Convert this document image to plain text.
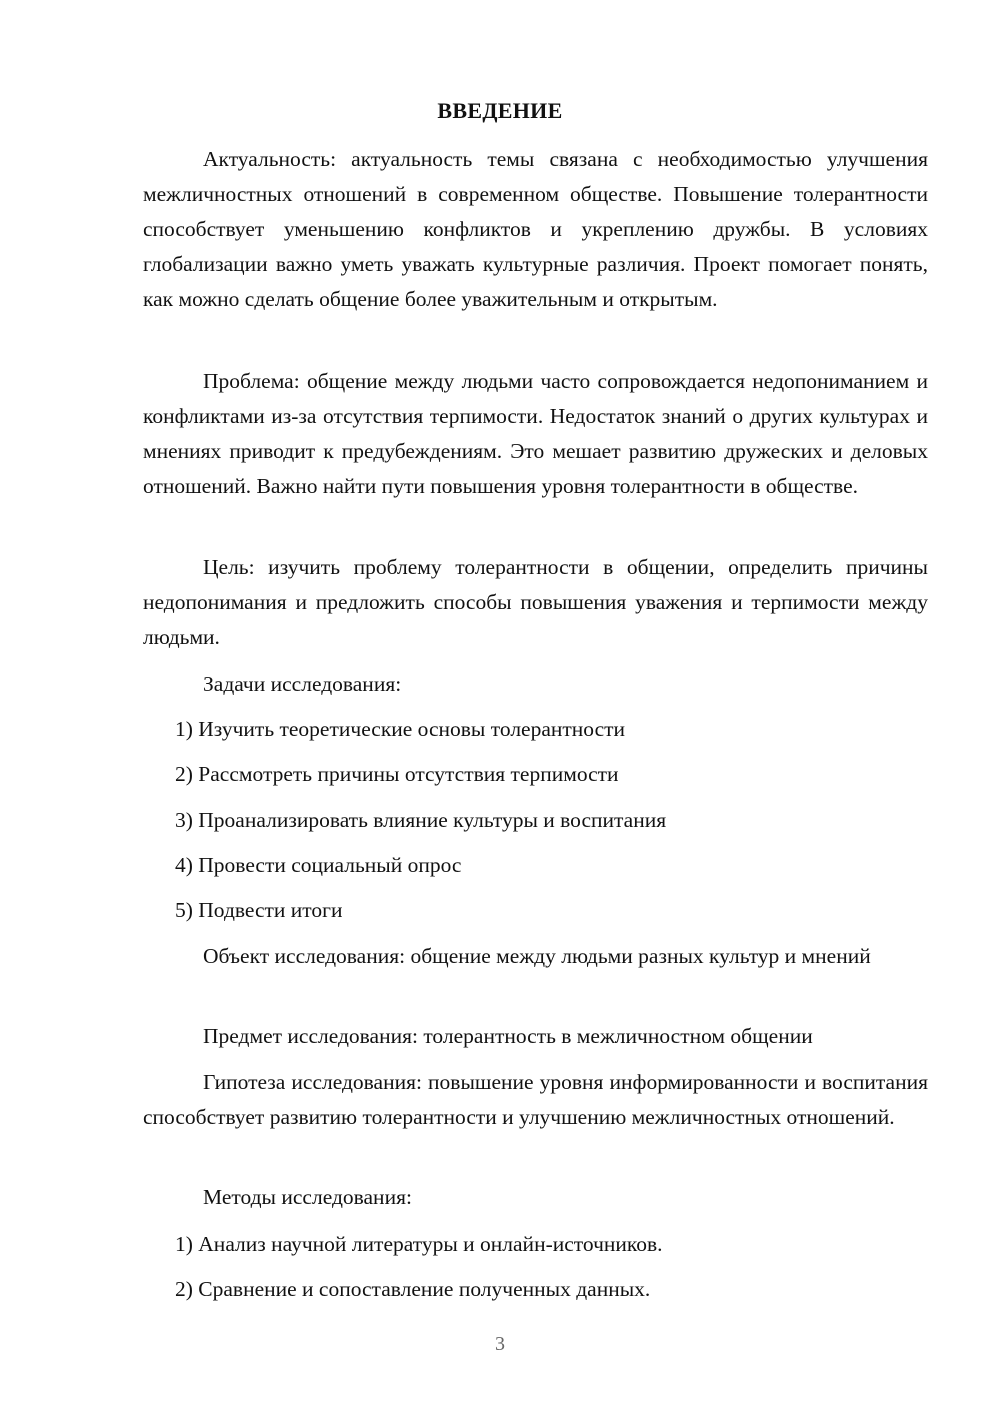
ВВЕДЕНИЕ
Актуальность: актуальность темы связана с необходимостью улучшения межличностных отношений в современном обществе. Повышение толерантности способствует уменьшению конфликтов и укреплению дружбы. В условиях глобализации важно уметь уважать культурные различия. Проект помогает понять, как можно сделать общение более уважительным и открытым.
Проблема: общение между людьми часто сопровождается недопониманием и конфликтами из-за отсутствия терпимости. Недостаток знаний о других культурах и мнениях приводит к предубеждениям. Это мешает развитию дружеских и деловых отношений. Важно найти пути повышения уровня толерантности в обществе.
Цель: изучить проблему толерантности в общении, определить причины недопонимания и предложить способы повышения уважения и терпимости между людьми.
Задачи исследования:
1) Изучить теоретические основы толерантности
2) Рассмотреть причины отсутствия терпимости
3) Проанализировать влияние культуры и воспитания
4) Провести социальный опрос
5) Подвести итоги
Объект исследования: общение между людьми разных культур и мнений
Предмет исследования: толерантность в межличностном общении
Гипотеза исследования: повышение уровня информированности и воспитания способствует развитию толерантности и улучшению межличностных отношений.
Методы исследования:
1) Анализ научной литературы и онлайн-источников.
2) Сравнение и сопоставление полученных данных.
3
